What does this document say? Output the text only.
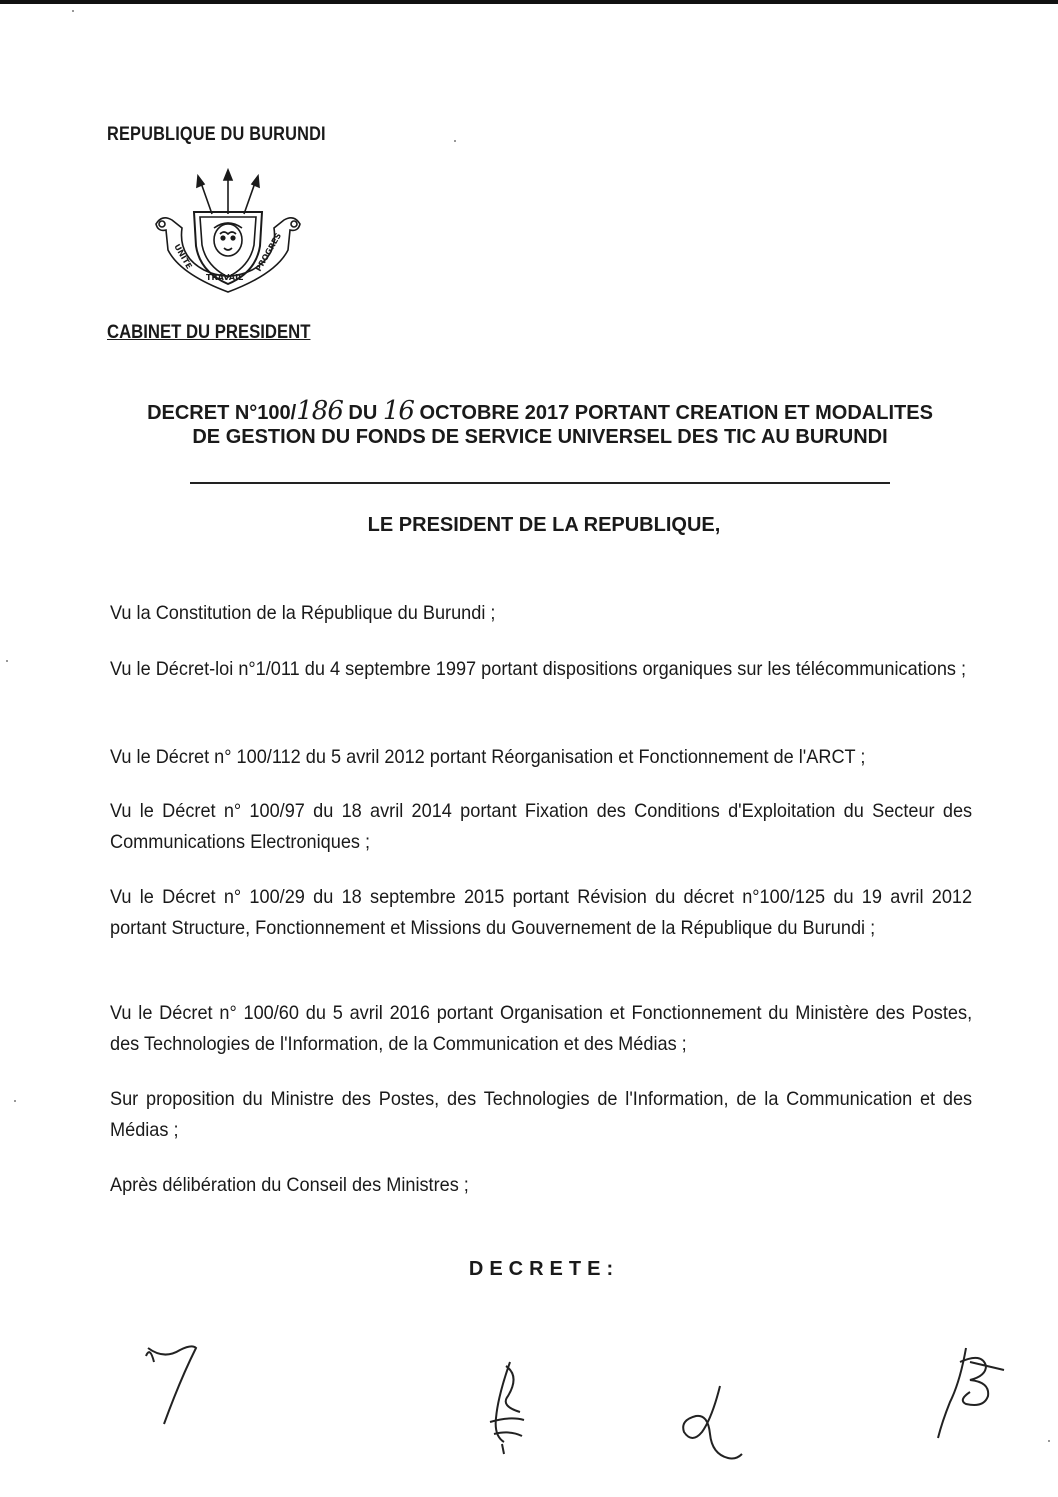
REPUBLIQUE DU BURUNDI
UNITE
TRAVAIL
PROGRES
CABINET DU PRESIDENT
DECRET N°100/186 DU 16 OCTOBRE 2017 PORTANT CREATION ET MODALITES
DE GESTION DU FONDS DE SERVICE UNIVERSEL DES TIC AU BURUNDI
LE PRESIDENT DE LA REPUBLIQUE,
Vu la Constitution de la République du Burundi ;
Vu le Décret-loi n°1/011 du 4 septembre 1997 portant dispositions organiques sur les télécommunications ;
Vu le Décret n° 100/112 du 5 avril 2012 portant Réorganisation et Fonctionnement de l'ARCT ;
Vu le Décret n° 100/97 du 18 avril 2014 portant Fixation des Conditions d'Exploitation du Secteur des Communications Electroniques ;
Vu le Décret n° 100/29 du 18 septembre 2015 portant Révision du décret n°100/125 du 19 avril 2012 portant Structure, Fonctionnement et Missions du Gouvernement de la République du Burundi ;
Vu le Décret n° 100/60 du 5 avril 2016 portant Organisation et Fonctionnement du Ministère des Postes, des Technologies de l'Information, de la Communication et des Médias ;
Sur proposition du Ministre des Postes, des Technologies de l'Information, de la Communication et des Médias ;
Après délibération du Conseil des Ministres ;
DECRETE:
